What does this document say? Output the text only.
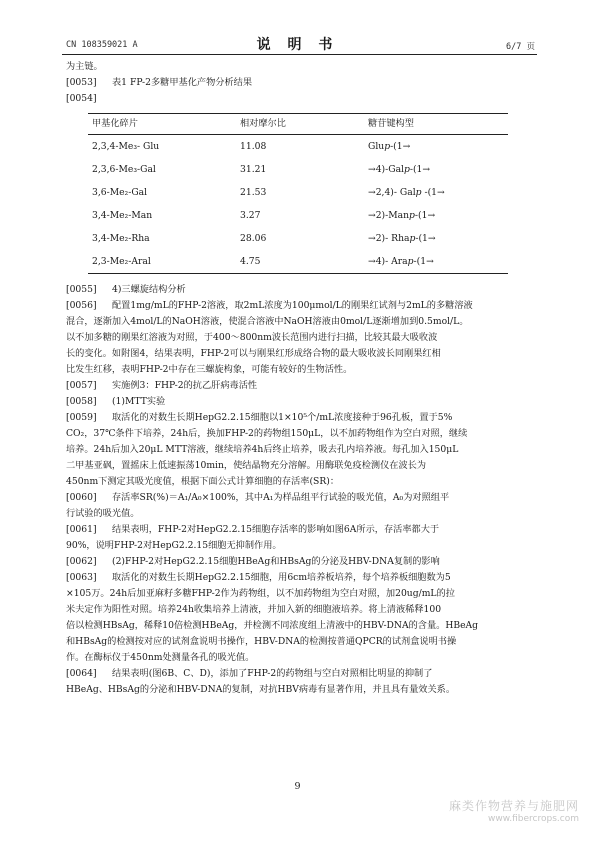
CN 108359021 A	说 明 书	6/7 页
为主链。
[0053] 表1 FP-2多糖甲基化产物分析结果
[0054]
甲基化碎片	相对摩尔比	糖苷键构型
2,3,4-Me₃- Glu	11.08	Glu𝑝-(1→
2,3,6-Me₃-Gal	31.21	→4)-Gal𝑝-(1→
3,6-Me₂-Gal	21.53	→2,4)- Gal𝑝 -(1→
3,4-Me₂-Man	3.27	→2)-Man𝑝-(1→
3,4-Me₂-Rha	28.06	→2)- Rha𝑝-(1→
2,3-Me₂-Aral	4.75	→4)- Ara𝑝-(1→
[0055] 4)三螺旋结构分析
[0056] 配置1mg/mL的FHP-2溶液，取2mL浓度为100μmol/L的刚果红试剂与2mL的多糖溶液
混合，逐渐加入4mol/L的NaOH溶液，使混合溶液中NaOH溶液由0mol/L逐渐增加到0.5mol/L。
以不加多糖的刚果红溶液为对照，于400～800nm波长范围内进行扫描，比较其最大吸收波
长的变化。如附图4，结果表明，FHP-2可以与刚果红形成络合物的最大吸收波长同刚果红相
比发生红移，表明FHP-2中存在三螺旋构象，可能有较好的生物活性。
[0057] 实施例3：FHP-2的抗乙肝病毒活性
[0058] (1)MTT实验
[0059] 取活化的对数生长期HepG2.2.15细胞以1×10⁵个/mL浓度接种于96孔板，置于5%
CO₂，37℃条件下培养，24h后，换加FHP-2的药物组150μL，以不加药物组作为空白对照，继续
培养。24h后加入20μL MTT溶液，继续培养4h后终止培养，吸去孔内培养液。每孔加入150μL
二甲基亚砜，置摇床上低速振荡10min，使结晶物充分溶解。用酶联免疫检测仪在波长为
450nm下测定其吸光度值，根据下面公式计算细胞的存活率(SR)：
[0060] 存活率SR(%)＝A₁/A₀×100%，其中A₁为样品组平行试验的吸光值，A₀为对照组平
行试验的吸光值。
[0061] 结果表明，FHP-2对HepG2.2.15细胞存活率的影响如图6A所示，存活率都大于
90%，说明FHP-2对HepG2.2.15细胞无抑制作用。
[0062] (2)FHP-2对HepG2.2.15细胞HBeAg和HBsAg的分泌及HBV-DNA复制的影响
[0063] 取活化的对数生长期HepG2.2.15细胞，用6cm培养板培养，每个培养板细胞数为5
×105万。24h后加亚麻籽多糖FHP-2作为药物组，以不加药物组为空白对照，加20ug/mL的拉
米夫定作为阳性对照。培养24h收集培养上清液，并加入新的细胞液培养。将上清液稀释100
倍以检测HBsAg，稀释10倍检测HBeAg，并检测不同浓度组上清液中的HBV-DNA的含量。HBeAg
和HBsAg的检测按对应的试剂盒说明书操作，HBV-DNA的检测按普通QPCR的试剂盒说明书操
作。在酶标仪于450nm处测量各孔的吸光值。
[0064] 结果表明(图6B、C、D)，添加了FHP-2的药物组与空白对照相比明显的抑制了
HBeAg、HBsAg的分泌和HBV-DNA的复制，对抗HBV病毒有显著作用，并且具有量效关系。
9
麻类作物营养与施肥网
www.fibercrops.com
